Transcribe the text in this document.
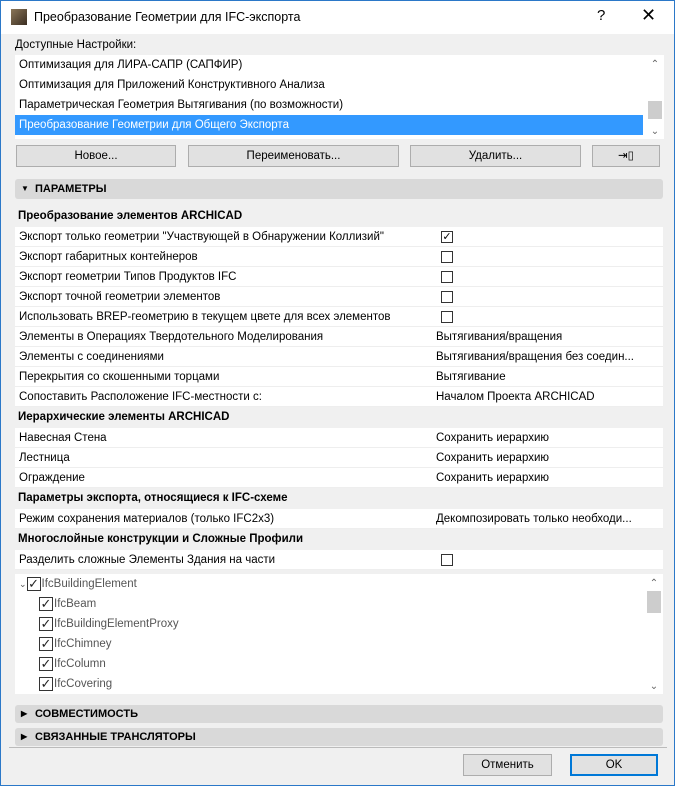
Преобразование Геометрии для IFC-экспорта	? ✕
Доступные Настройки:
Оптимизация для ЛИРА-САПР (САПФИР)
Оптимизация для Приложений Конструктивного Анализа
Параметрическая Геометрия Вытягивания (по возможности)
Преобразование Геометрии для Общего Экспорта
⌃
⌄
Новое...	Переименовать...	Удалить...	⇥▯
▼ ПАРАМЕТРЫ
Преобразование элементов ARCHICAD
Экспорт только геометрии "Участвующей в Обнаружении Коллизий"	✓
Экспорт габаритных контейнеров
Экспорт геометрии Типов Продуктов IFC
Экспорт точной геометрии элементов
Использовать BREP-геометрию в текущем цвете для всех элементов
Элементы в Операциях Твердотельного Моделирования	Вытягивания/вращения
Элементы с соединениями	Вытягивания/вращения без соедин...
Перекрытия со скошенными торцами	Вытягивание
Сопоставить Расположение IFC-местности с:	Началом Проекта ARCHICAD
Иерархические элементы ARCHICAD
Навесная Стена	Сохранить иерархию
Лестница	Сохранить иерархию
Ограждение	Сохранить иерархию
Параметры экспорта, относящиеся к IFC-схеме
Режим сохранения материалов (только IFC2x3)	Декомпозировать только необходи...
Многослойные конструкции и Сложные Профили
Разделить сложные Элементы Здания на части
⌄ ✓ IfcBuildingElement
✓ IfcBeam
✓ IfcBuildingElementProxy
✓ IfcChimney
✓ IfcColumn
✓ IfcCovering
⌃
⌄
▶ СОВМЕСТИМОСТЬ
▶ СВЯЗАННЫЕ ТРАНСЛЯТОРЫ
Отменить	OK
